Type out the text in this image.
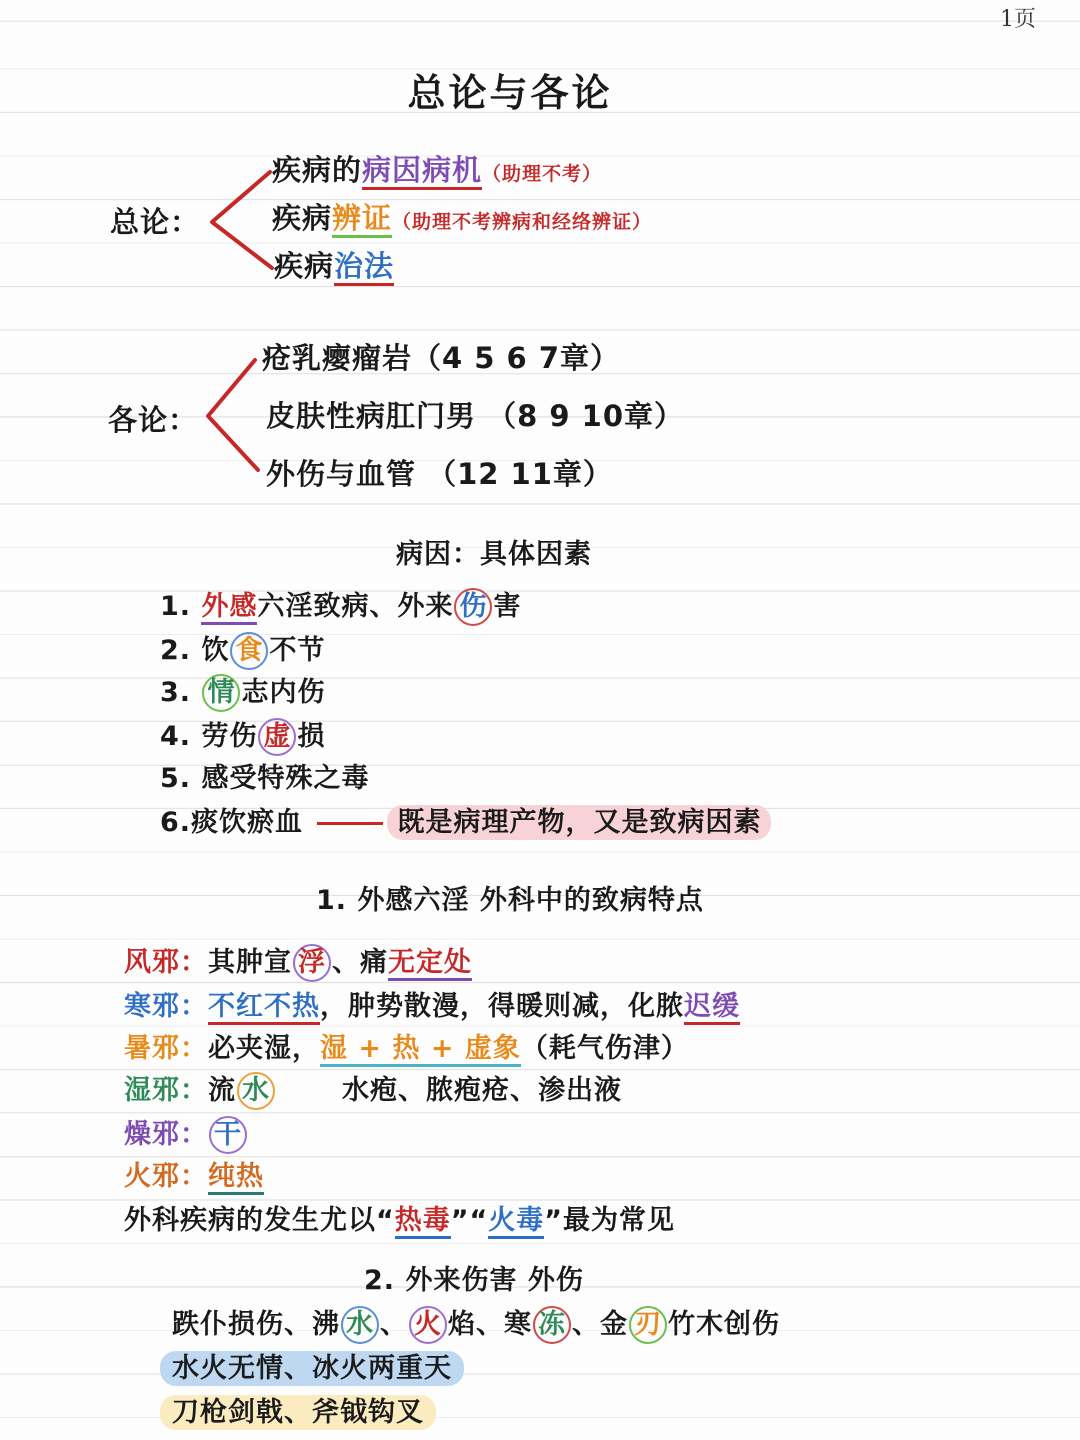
1页
总论与各论
总论：
疾病的病因病机（助理不考）
疾病辨证（助理不考辨病和经络辨证）
疾病治法
各论：
疮乳瘿瘤岩（4 5 6 7章）
皮肤性病肛门男 （8 9 10章）
外伤与血管 （12 11章）
病因：具体因素
1. 外感六淫致病、外来 伤 害
2. 饮 食 不节
3. 情 志内伤
4. 劳伤 虚 损
5. 感受特殊之毒
6.痰饮瘀血	既是病理产物，又是致病因素
1. 外感六淫 外科中的致病特点
风邪：其肿宣 浮 、痛无定处
寒邪：不红不热，肿势散漫，得暖则减，化脓迟缓
暑邪：必夹湿，湿 + 热 + 虚象（耗气伤津）
湿邪：流 水	水疱、脓疱疮、渗出液
燥邪： 干
火邪：纯热
外科疾病的发生尤以“热毒”“火毒”最为常见
2. 外来伤害 外伤
跌仆损伤、沸 水 、 火 焰、寒 冻 、金 刃 竹木创伤
水火无情、冰火两重天
刀枪剑戟、斧钺钩叉
